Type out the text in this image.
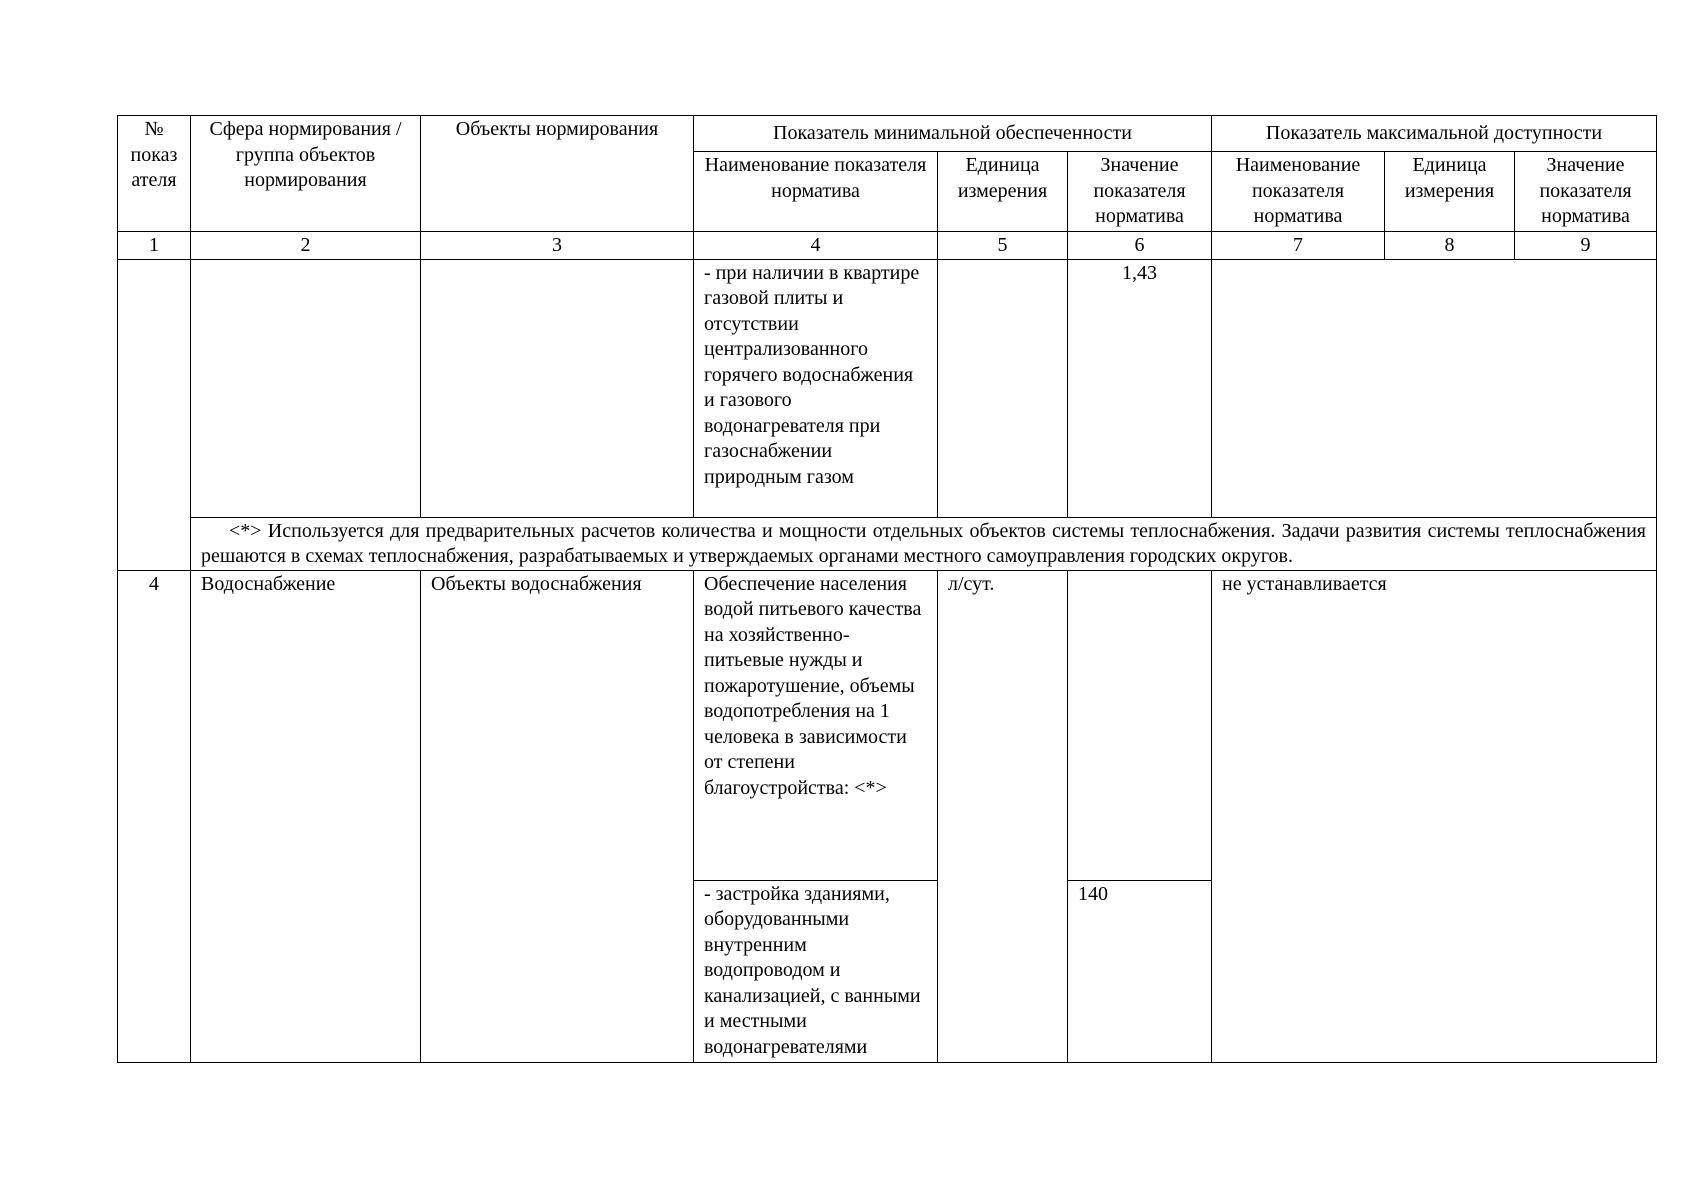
№ показателя	Сфера нормирования / группа объектов нормирования	Объекты нормирования	Показатель минимальной обеспеченности			Показатель максимальной доступности		
			Наименование показателя норматива	Единица измерения	Значение показателя норматива	Наименование показателя норматива	Единица измерения	Значение показателя норматива
1	2	3	4	5	6	7	8	9
			- при наличии в квартире газовой плиты и отсутствии централизованного горячего водоснабжения и газового водонагревателя при газоснабжении природным газом		1,43			
	<*> Используется для предварительных расчетов количества и мощности отдельных объектов системы теплоснабжения. Задачи развития системы теплоснабжения решаются в схемах теплоснабжения, разрабатываемых и утверждаемых органами местного самоуправления городских округов.							
4	Водоснабжение	Объекты водоснабжения	Обеспечение населения водой питьевого качества на хозяйственно-питьевые нужды и пожаротушение, объемы водопотребления на 1 человека в зависимости от степени благоустройства: <*>	л/сут.		не устанавливается		
			- застройка зданиями, оборудованными внутренним водопроводом и канализацией, с ванными и местными водонагревателями		140			
